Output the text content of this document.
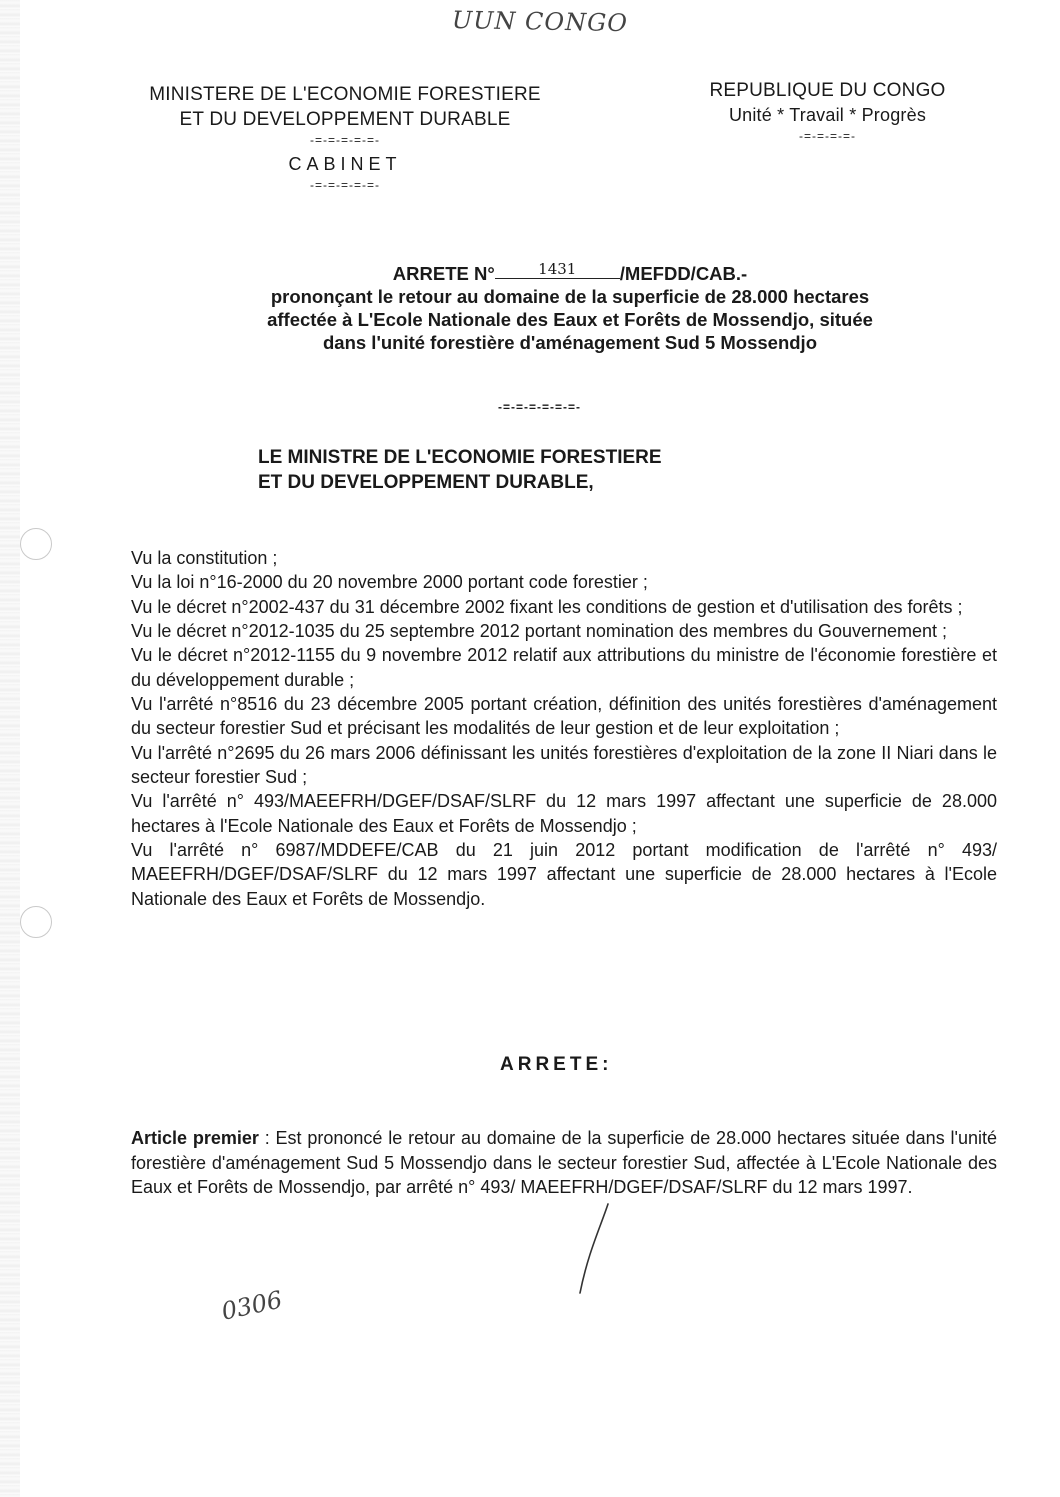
UUN CONGO
MINISTERE DE L'ECONOMIE FORESTIERE
ET DU DEVELOPPEMENT DURABLE
-=-=-=-=-=-
CABINET
-=-=-=-=-=-
REPUBLIQUE DU CONGO
Unité * Travail * Progrès
-=-=-=-=-
ARRETE N°	1431 /MEFDD/CAB.-
prononçant le retour au domaine de la superficie de 28.000 hectares
affectée à L'Ecole Nationale des Eaux et Forêts de Mossendjo, située
dans l'unité forestière d'aménagement Sud 5 Mossendjo
-=-=-=-=-=-=-
LE MINISTRE DE L'ECONOMIE FORESTIERE
ET DU DEVELOPPEMENT DURABLE,

Vu la constitution ;

Vu la loi n°16-2000 du 20 novembre 2000 portant code forestier ;

Vu le décret n°2002-437 du 31 décembre 2002 fixant les conditions de gestion et d'utilisation des forêts ;

Vu le décret n°2012-1035 du 25 septembre 2012 portant nomination des membres du Gouvernement ;

Vu le décret n°2012-1155 du 9 novembre 2012 relatif aux attributions du ministre de l'économie forestière et du développement durable ;

Vu l'arrêté n°8516 du 23 décembre 2005 portant création, définition des unités forestières d'aménagement du secteur forestier Sud et précisant les modalités de leur gestion et de leur exploitation ;

Vu l'arrêté n°2695 du 26 mars 2006 définissant les unités forestières d'exploitation de la zone II Niari dans le secteur forestier Sud ;

Vu l'arrêté n° 493/MAEEFRH/DGEF/DSAF/SLRF du 12 mars 1997 affectant une superficie de 28.000 hectares à l'Ecole Nationale des Eaux et Forêts de Mossendjo ;

Vu l'arrêté n° 6987/MDDEFE/CAB du 21 juin 2012 portant modification de l'arrêté n° 493/ MAEEFRH/DGEF/DSAF/SLRF du 12 mars 1997 affectant une superficie de 28.000 hectares à l'Ecole Nationale des Eaux et Forêts de Mossendjo.

ARRETE:
Article premier : Est prononcé le retour au domaine de la superficie de 28.000 hectares située dans l'unité forestière d'aménagement Sud 5 Mossendjo dans le secteur forestier Sud, affectée à L'Ecole Nationale des Eaux et Forêts de Mossendjo, par arrêté n° 493/ MAEEFRH/DGEF/DSAF/SLRF du 12 mars 1997.
0306
